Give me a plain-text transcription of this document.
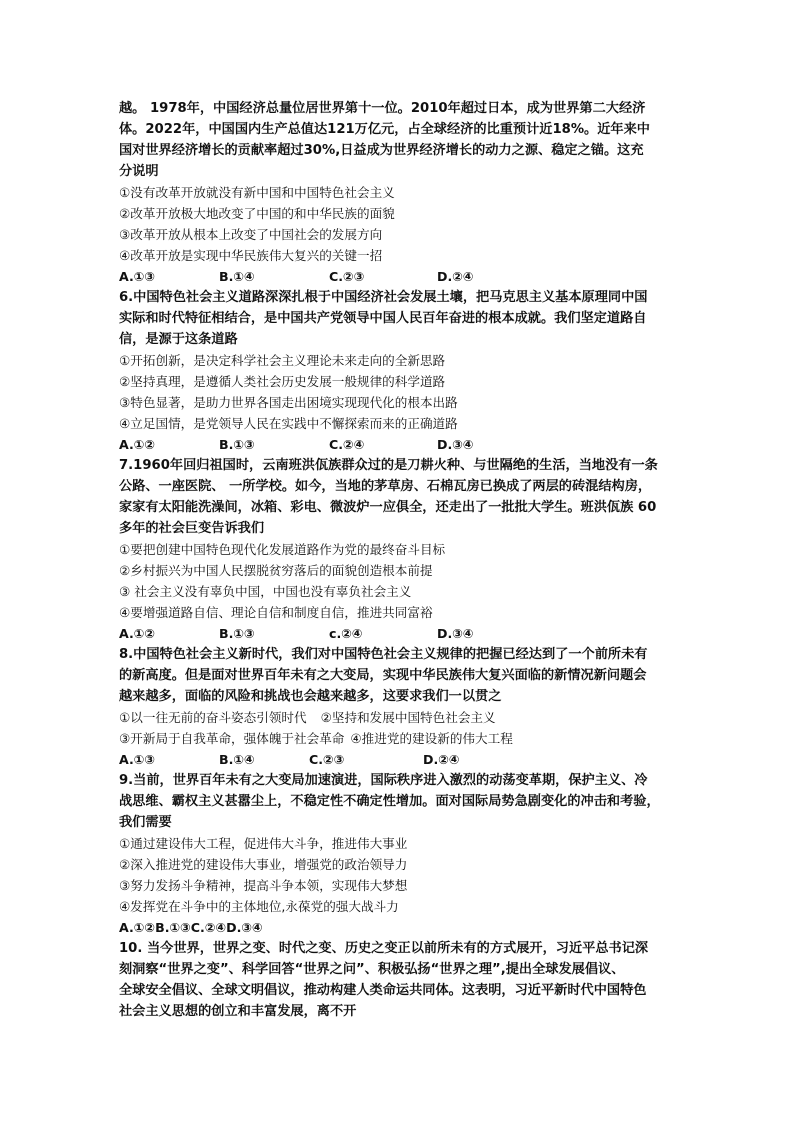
越。 1978年，中国经济总量位居世界第十一位。2010年超过日本，成为世界第二大经济
体。2022年，中国国内生产总值达121万亿元，占全球经济的比重预计近18%。近年来中
国对世界经济增长的贡献率超过30%,日益成为世界经济增长的动力之源、稳定之锚。这充
分说明
①没有改革开放就没有新中国和中国特色社会主义
②改革开放极大地改变了中国的和中华民族的面貌
③改革开放从根本上改变了中国社会的发展方向
④改革开放是实现中华民族伟大复兴的关键一招
A.①③	B.①④	C.②③	D.②④
6.中国特色社会主义道路深深扎根于中国经济社会发展土壤，把马克思主义基本原理同中国
实际和时代特征相结合，是中国共产党领导中国人民百年奋进的根本成就。我们坚定道路自
信，是源于这条道路
①开拓创新，是决定科学社会主义理论未来走向的全新思路
②坚持真理，是遵循人类社会历史发展一般规律的科学道路
③特色显著，是助力世界各国走出困境实现现代化的根本出路
④立足国情，是党领导人民在实践中不懈探索而来的正确道路
A.①②	B.①③	C.②④	D.③④
7.1960年回归祖国时，云南班洪佤族群众过的是刀耕火种、与世隔绝的生活，当地没有一条
公路、一座医院、 一所学校。如今，当地的茅草房、石棉瓦房已换成了两层的砖混结构房，
家家有太阳能洗澡间，冰箱、彩电、微波炉一应俱全，还走出了一批批大学生。班洪佤族 60
多年的社会巨变告诉我们
①要把创建中国特色现代化发展道路作为党的最终奋斗目标
②乡村振兴为中国人民摆脱贫穷落后的面貌创造根本前提
③ 社会主义没有辜负中国，中国也没有辜负社会主义
④要增强道路自信、理论自信和制度自信，推进共同富裕
A.①②	B.①③	c.②④	D.③④
8.中国特色社会主义新时代，我们对中国特色社会主义规律的把握已经达到了一个前所未有
的新高度。但是面对世界百年未有之大变局，实现中华民族伟大复兴面临的新情况新问题会
越来越多，面临的风险和挑战也会越来越多，这要求我们一以贯之
①以一往无前的奋斗姿态引领时代 ②坚持和发展中国特色社会主义
③开新局于自我革命，强体魄于社会革命 ④推进党的建设新的伟大工程
A.①③	B.①④	C.②③	D.②④
9.当前，世界百年未有之大变局加速演进，国际秩序进入激烈的动荡变革期，保护主义、冷
战思维、霸权主义甚嚣尘上，不稳定性不确定性增加。面对国际局势急剧变化的冲击和考验，
我们需要
①通过建设伟大工程，促进伟大斗争，推进伟大事业
②深入推进党的建设伟大事业，增强党的政治领导力
③努力发扬斗争精神，提高斗争本领，实现伟大梦想
④发挥党在斗争中的主体地位,永葆党的强大战斗力
A.①②B.①③C.②④D.③④
10. 当今世界，世界之变、时代之变、历史之变正以前所未有的方式展开，习近平总书记深
刻洞察“世界之变”、科学回答“世界之问”、积极弘扬“世界之理”,提出全球发展倡议、
全球安全倡议、全球文明倡议，推动构建人类命运共同体。这表明，习近平新时代中国特色
社会主义思想的创立和丰富发展，离不开
